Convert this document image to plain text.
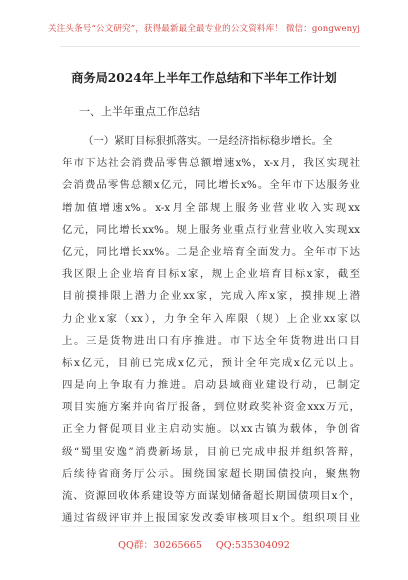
关注头条号“公文研究”，获得最新最全最专业的公文资料库！ 微信：gongwenyj
商务局2024年上半年工作总结和下半年工作计划
一、上半年重点工作总结
（一）紧盯目标狠抓落实。一是经济指标稳步增长。全
年市下达社会消费品零售总额增速x%，x-x月，我区实现社
会消费品零售总额x亿元，同比增长x%。全年市下达服务业
增加值增速x%。x-x月全部规上服务业营业收入实现xx
亿元，同比增长xx%。规上服务业重点行业营业收入实现xx
亿元，同比增长xx%。二是企业培育全面发力。全年市下达
我区限上企业培育目标x家，规上企业培育目标x家，截至
目前摸排限上潜力企业xx家，完成入库x家，摸排规上潜
力企业x家（xx），力争全年入库限（规）上企业xx家以
上。三是货物进出口有序推进。市下达全年货物进出口目
标x亿元，目前已完成x亿元，预计全年完成x亿元以上。
四是向上争取有力推进。启动县域商业建设行动，已制定
项目实施方案并向省厅报备，到位财政奖补资金xxx万元，
正全力督促项目业主启动实施。以xx古镇为载体，争创省
级“蜀里安逸”消费新场景，目前已完成申报并组织答辩，
后续待省商务厅公示。围绕国家超长期国债投向，聚焦物
流、资源回收体系建设等方面谋划储备超长期国债项目x个，
通过省级评审并上报国家发改委审核项目x个。组织项目业
QQ群：30265665 QQ:535304092
